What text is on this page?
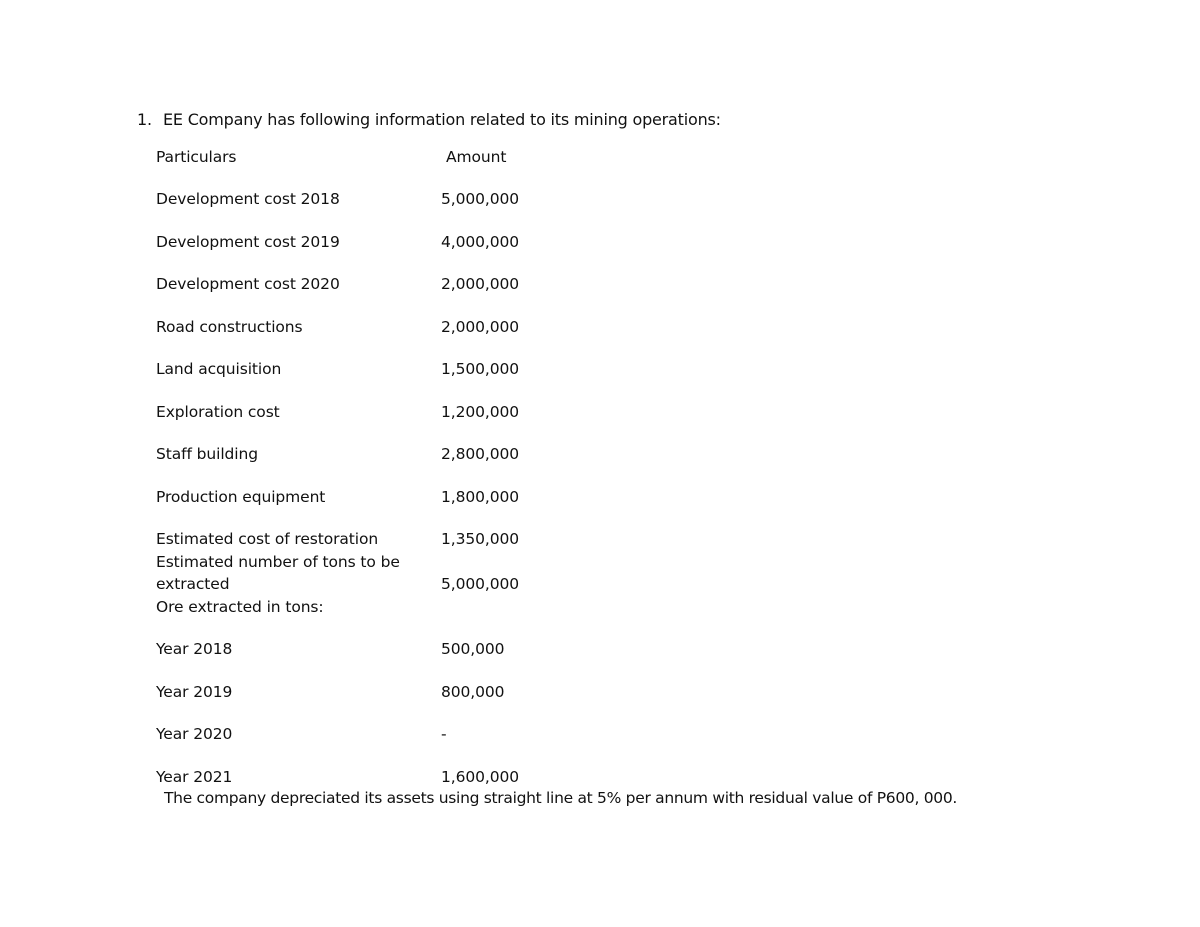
1. EE Company has following information related to its mining operations:
Particulars	Amount
Development cost 2018	5,000,000
Development cost 2019	4,000,000
Development cost 2020	2,000,000
Road constructions	2,000,000
Land acquisition	1,500,000
Exploration cost	1,200,000
Staff building	2,800,000
Production equipment	1,800,000
Estimated cost of restoration	1,350,000
Estimated number of tons to be
extracted	5,000,000
Ore extracted in tons:
Year 2018	500,000
Year 2019	800,000
Year 2020	-
Year 2021	1,600,000
The company depreciated its assets using straight line at 5% per annum with residual value of P600, 000.
